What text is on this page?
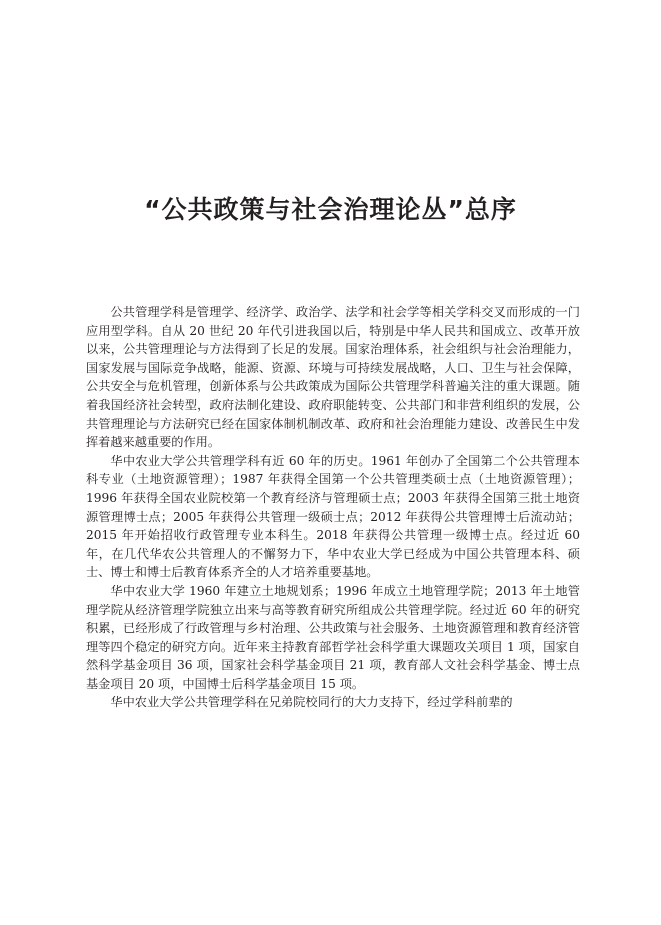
“公共政策与社会治理论丛”总序

公共管理学科是管理学、经济学、政治学、法学和社会学等相关学科交叉而形成的一门应用型学科。自从 20 世纪 20 年代引进我国以后，特别是中华人民共和国成立、改革开放以来，公共管理理论与方法得到了长足的发展。国家治理体系，社会组织与社会治理能力，国家发展与国际竞争战略，能源、资源、环境与可持续发展战略，人口、卫生与社会保障，公共安全与危机管理，创新体系与公共政策成为国际公共管理学科普遍关注的重大课题。随着我国经济社会转型，政府法制化建设、政府职能转变、公共部门和非营利组织的发展，公共管理理论与方法研究已经在国家体制机制改革、政府和社会治理能力建设、改善民生中发挥着越来越重要的作用。

华中农业大学公共管理学科有近 60 年的历史。1961 年创办了全国第二个公共管理本科专业（土地资源管理）；1987 年获得全国第一个公共管理类硕士点（土地资源管理）；1996 年获得全国农业院校第一个教育经济与管理硕士点；2003 年获得全国第三批土地资源管理博士点；2005 年获得公共管理一级硕士点；2012 年获得公共管理博士后流动站；2015 年开始招收行政管理专业本科生。2018 年获得公共管理一级博士点。经过近 60 年，在几代华农公共管理人的不懈努力下，华中农业大学已经成为中国公共管理本科、硕士、博士和博士后教育体系齐全的人才培养重要基地。

华中农业大学 1960 年建立土地规划系；1996 年成立土地管理学院；2013 年土地管理学院从经济管理学院独立出来与高等教育研究所组成公共管理学院。经过近 60 年的研究积累，已经形成了行政管理与乡村治理、公共政策与社会服务、土地资源管理和教育经济管理等四个稳定的研究方向。近年来主持教育部哲学社会科学重大课题攻关项目 1 项，国家自然科学基金项目 36 项，国家社会科学基金项目 21 项，教育部人文社会科学基金、博士点基金项目 20 项，中国博士后科学基金项目 15 项。

华中农业大学公共管理学科在兄弟院校同行的大力支持下，经过学科前辈的
